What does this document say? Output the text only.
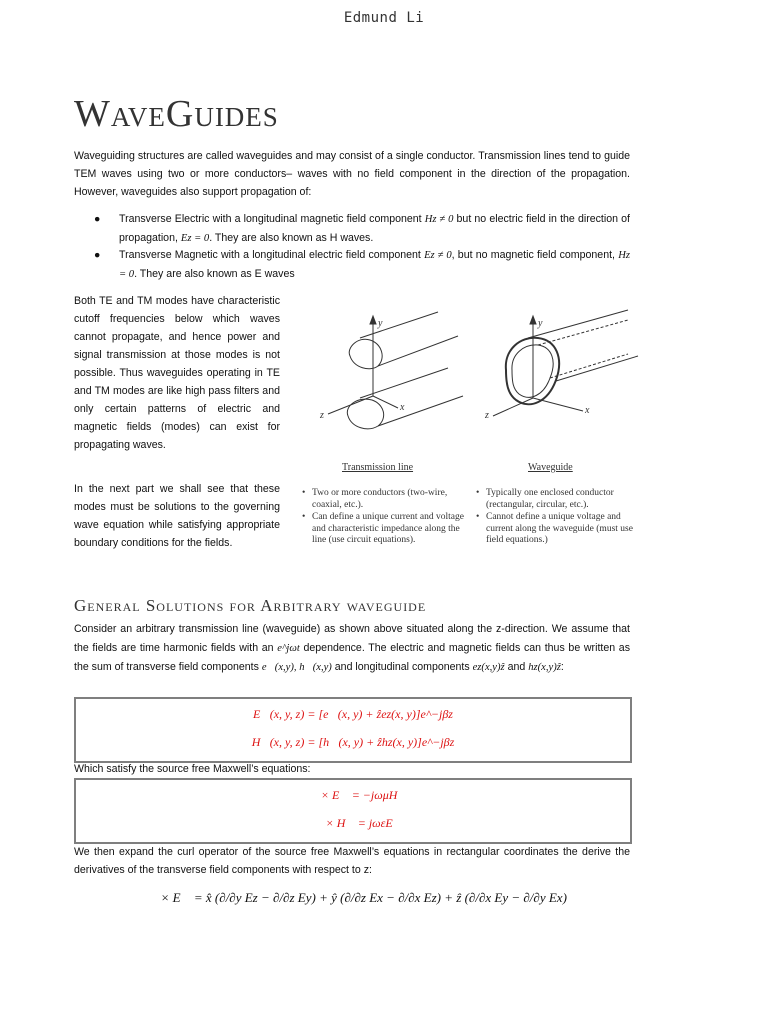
Edmund Li
WaveGuides
Waveguiding structures are called waveguides and may consist of a single conductor. Transmission lines tend to guide TEM waves using two or more conductors– waves with no field component in the direction of the propagation. However, waveguides also support propagation of:
● Transverse Electric with a longitudinal magnetic field component Hz ≠ 0 but no electric field in the direction of propagation, Ez = 0. They are also known as H waves.
● Transverse Magnetic with a longitudinal electric field component Ez ≠ 0, but no magnetic field component, Hz = 0. They are also known as E waves
Both TE and TM modes have characteristic cutoff frequencies below which waves cannot propagate, and hence power and signal transmission at those modes is not possible. Thus waveguides operating in TE and TM modes are like high pass filters and only certain patterns of electric and magnetic fields (modes) can exist for propagating waves.
In the next part we shall see that these modes must be solutions to the governing wave equation while satisfying appropriate boundary conditions for the fields.
y
z
x
y
z	x
Transmission line	Waveguide
• Two or more conductors (two-wire, coaxial, etc.).
• Can define a unique current and voltage and characteristic impedance along the line (use circuit equations).
• Typically one enclosed conductor (rectangular, circular, etc.).
• Cannot define a unique voltage and current along the waveguide (must use field equations.)
General Solutions for Arbitrary waveguide
Consider an arbitrary transmission line (waveguide) as shown above situated along the z-direction. We assume that the fields are time harmonic fields with an e^jωt dependence. The electric and magnetic fields can thus be written as the sum of transverse field components e⃗(x,y), h⃗(x,y) and longitudinal components ez(x,y)ẑ and hz(x,y)ẑ:
E⃗(x, y, z) = [e⃗(x, y) + ẑez(x, y)]e^−jβz
H⃗(x, y, z) = [h⃗(x, y) + ẑhz(x, y)]e^−jβz
Which satisfy the source free Maxwell’s equations:
∇⃗ × E⃗ = −jωμH⃗
∇⃗ × H⃗ = jωεE⃗
We then expand the curl operator of the source free Maxwell’s equations in rectangular coordinates the derive the derivatives of the transverse field components with respect to z:
∇⃗ × E⃗ = x̂ (∂/∂y Ez − ∂/∂z Ey) + ŷ (∂/∂z Ex − ∂/∂x Ez) + ẑ (∂/∂x Ey − ∂/∂y Ex)
